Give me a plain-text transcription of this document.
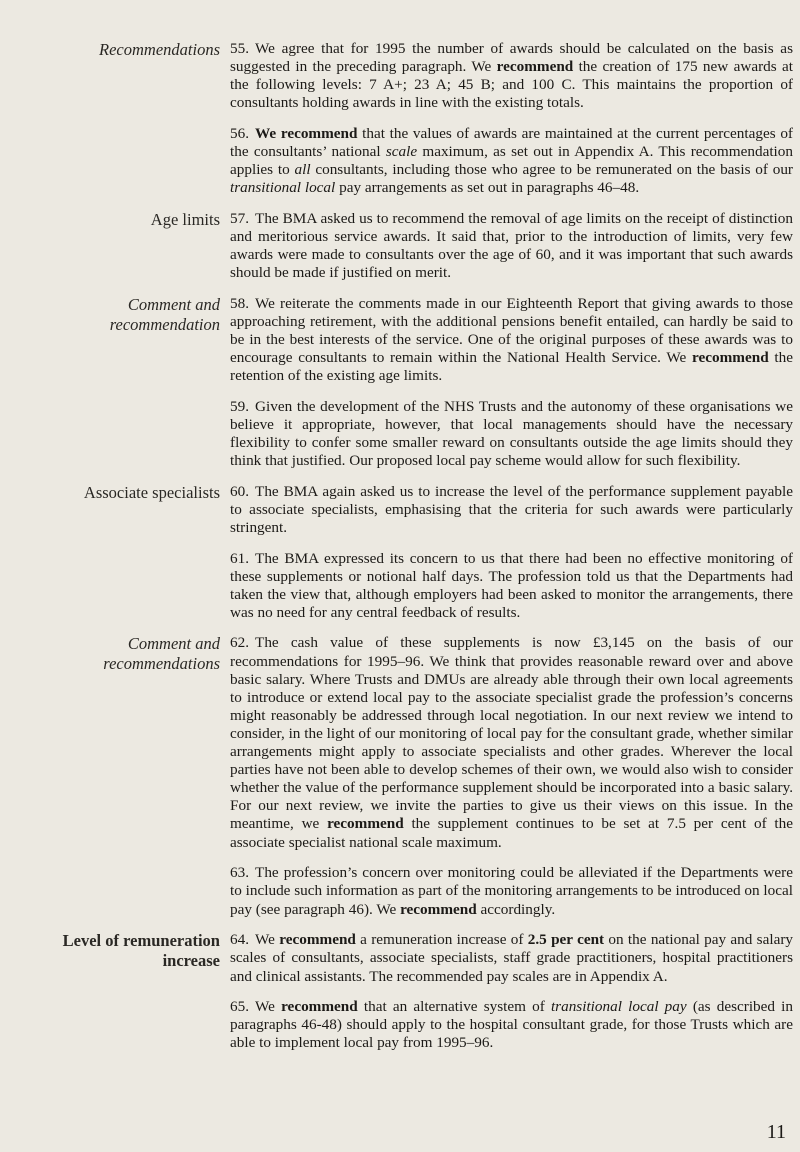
Recommendations
Age limits
Comment and
recommendation
Associate specialists
Comment and
recommendations
Level of remuneration
increase
55. We agree that for 1995 the number of awards should be calculated on the basis as suggested in the preceding paragraph. We recommend the creation of 175 new awards at the following levels: 7 A+; 23 A; 45 B; and 100 C. This maintains the proportion of consultants holding awards in line with the existing totals.
56. We recommend that the values of awards are maintained at the current percentages of the consultants’ national scale maximum, as set out in Appendix A. This recommendation applies to all consultants, including those who agree to be remunerated on the basis of our transitional local pay arrangements as set out in paragraphs 46–48.
57. The BMA asked us to recommend the removal of age limits on the receipt of distinction and meritorious service awards. It said that, prior to the introduction of limits, very few awards were made to consultants over the age of 60, and it was important that such awards should be made if justified on merit.
58. We reiterate the comments made in our Eighteenth Report that giving awards to those approaching retirement, with the additional pensions benefit entailed, can hardly be said to be in the best interests of the service. One of the original purposes of these awards was to encourage consultants to remain within the National Health Service. We recommend the retention of the existing age limits.
59. Given the development of the NHS Trusts and the autonomy of these organisations we believe it appropriate, however, that local managements should have the necessary flexibility to confer some smaller reward on consultants outside the age limits should they think that justified. Our proposed local pay scheme would allow for such flexibility.
60. The BMA again asked us to increase the level of the performance supplement payable to associate specialists, emphasising that the criteria for such awards were particularly stringent.
61. The BMA expressed its concern to us that there had been no effective monitoring of these supplements or notional half days. The profession told us that the Departments had taken the view that, although employers had been asked to monitor the arrangements, there was no need for any central feedback of results.
62. The cash value of these supplements is now £3,145 on the basis of our recommendations for 1995–96. We think that provides reasonable reward over and above basic salary. Where Trusts and DMUs are already able through their own local agreements to introduce or extend local pay to the associate specialist grade the profession’s concerns might reasonably be addressed through local negotiation. In our next review we intend to consider, in the light of our monitoring of local pay for the consultant grade, whether similar arrangements might apply to associate specialists and other grades. Wherever the local parties have not been able to develop schemes of their own, we would also wish to consider whether the value of the performance supplement should be incorporated into a basic salary. For our next review, we invite the parties to give us their views on this issue. In the meantime, we recommend the supplement continues to be set at 7.5 per cent of the associate specialist national scale maximum.
63. The profession’s concern over monitoring could be alleviated if the Departments were to include such information as part of the monitoring arrangements to be introduced on local pay (see paragraph 46). We recommend accordingly.
64. We recommend a remuneration increase of 2.5 per cent on the national pay and salary scales of consultants, associate specialists, staff grade practitioners, hospital practitioners and clinical assistants. The recommended pay scales are in Appendix A.
65. We recommend that an alternative system of transitional local pay (as described in paragraphs 46-48) should apply to the hospital consultant grade, for those Trusts which are able to implement local pay from 1995–96.
11
